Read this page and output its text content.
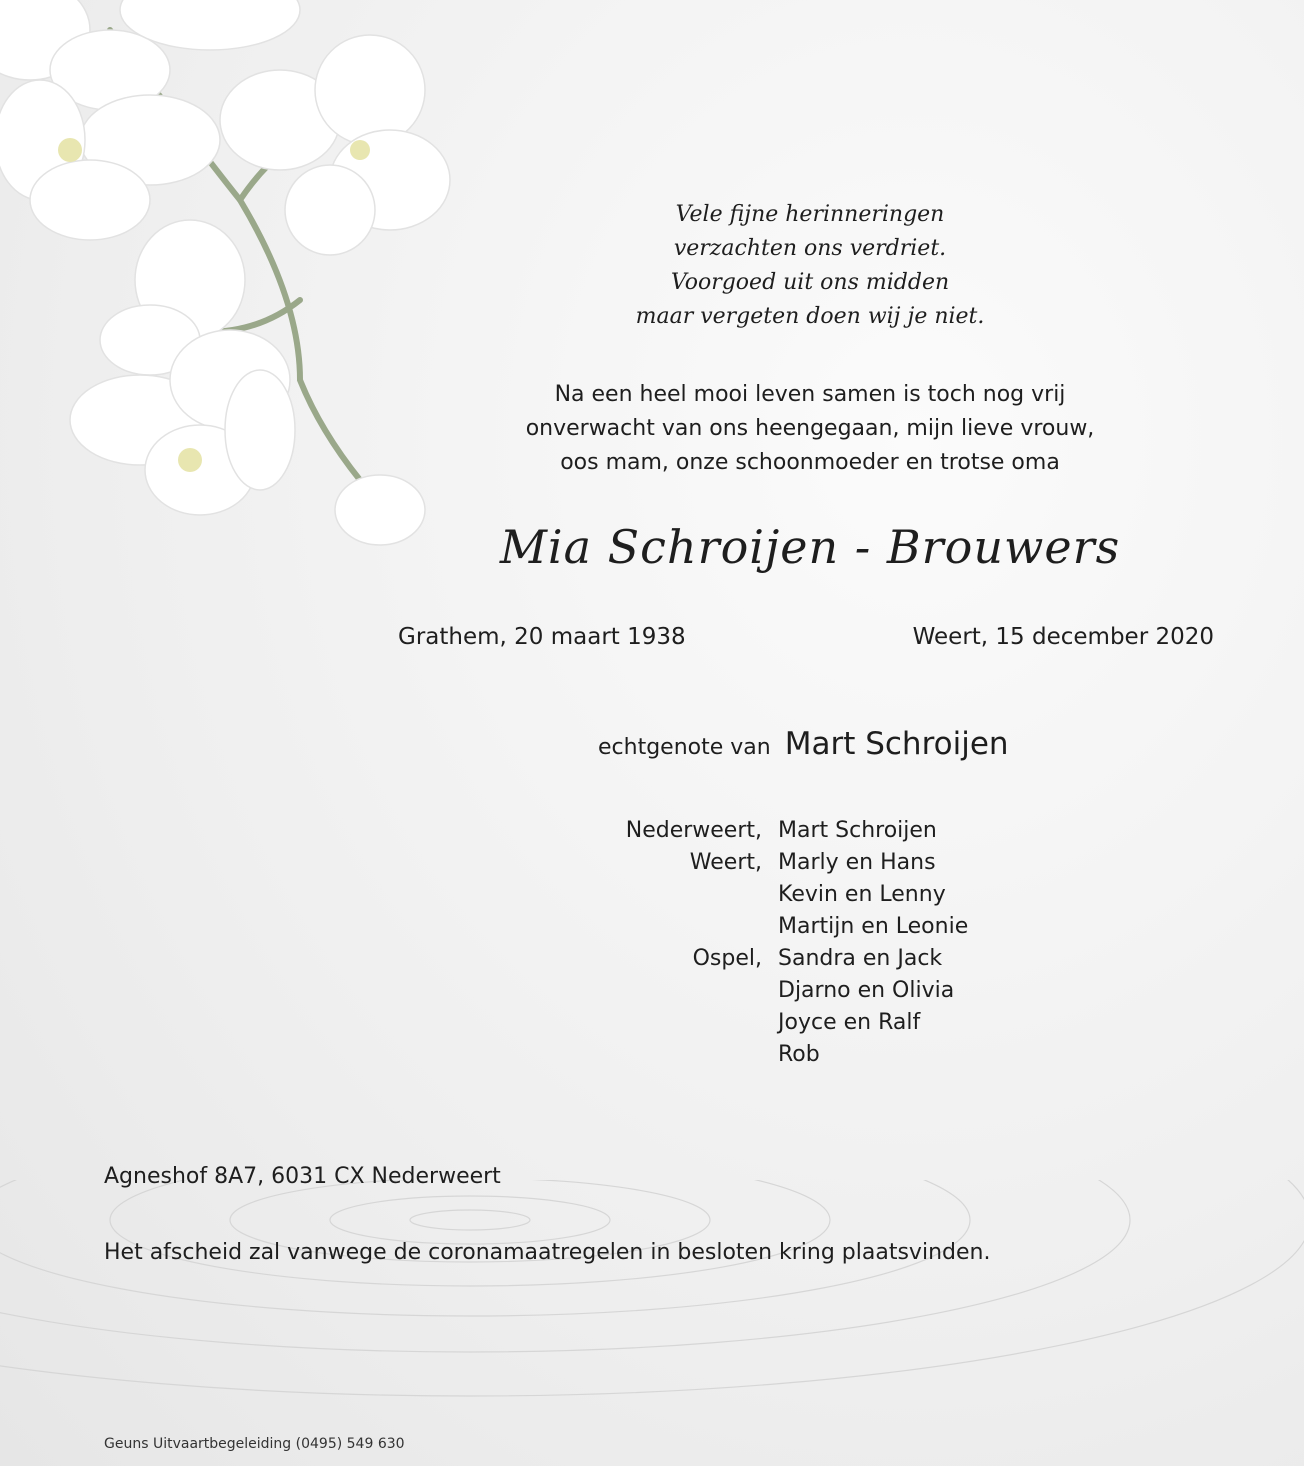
Vele fijne herinneringen
verzachten ons verdriet.
Voorgoed uit ons midden
maar vergeten doen wij je niet.
Na een heel mooi leven samen is toch nog vrij
onverwacht van ons heengegaan, mijn lieve vrouw,
oos mam, onze schoonmoeder en trotse oma
Mia Schroijen - Brouwers
Grathem, 20 maart 1938	Weert, 15 december 2020
echtgenote van Mart Schroijen
Nederweert, Mart Schroijen
Weert, Marly en Hans
Kevin en Lenny
Martijn en Leonie
Ospel, Sandra en Jack
Djarno en Olivia
Joyce en Ralf
Rob
Agneshof 8A7, 6031 CX Nederweert
Het afscheid zal vanwege de coronamaatregelen in besloten kring plaatsvinden.
Geuns Uitvaartbegeleiding (0495) 549 630
